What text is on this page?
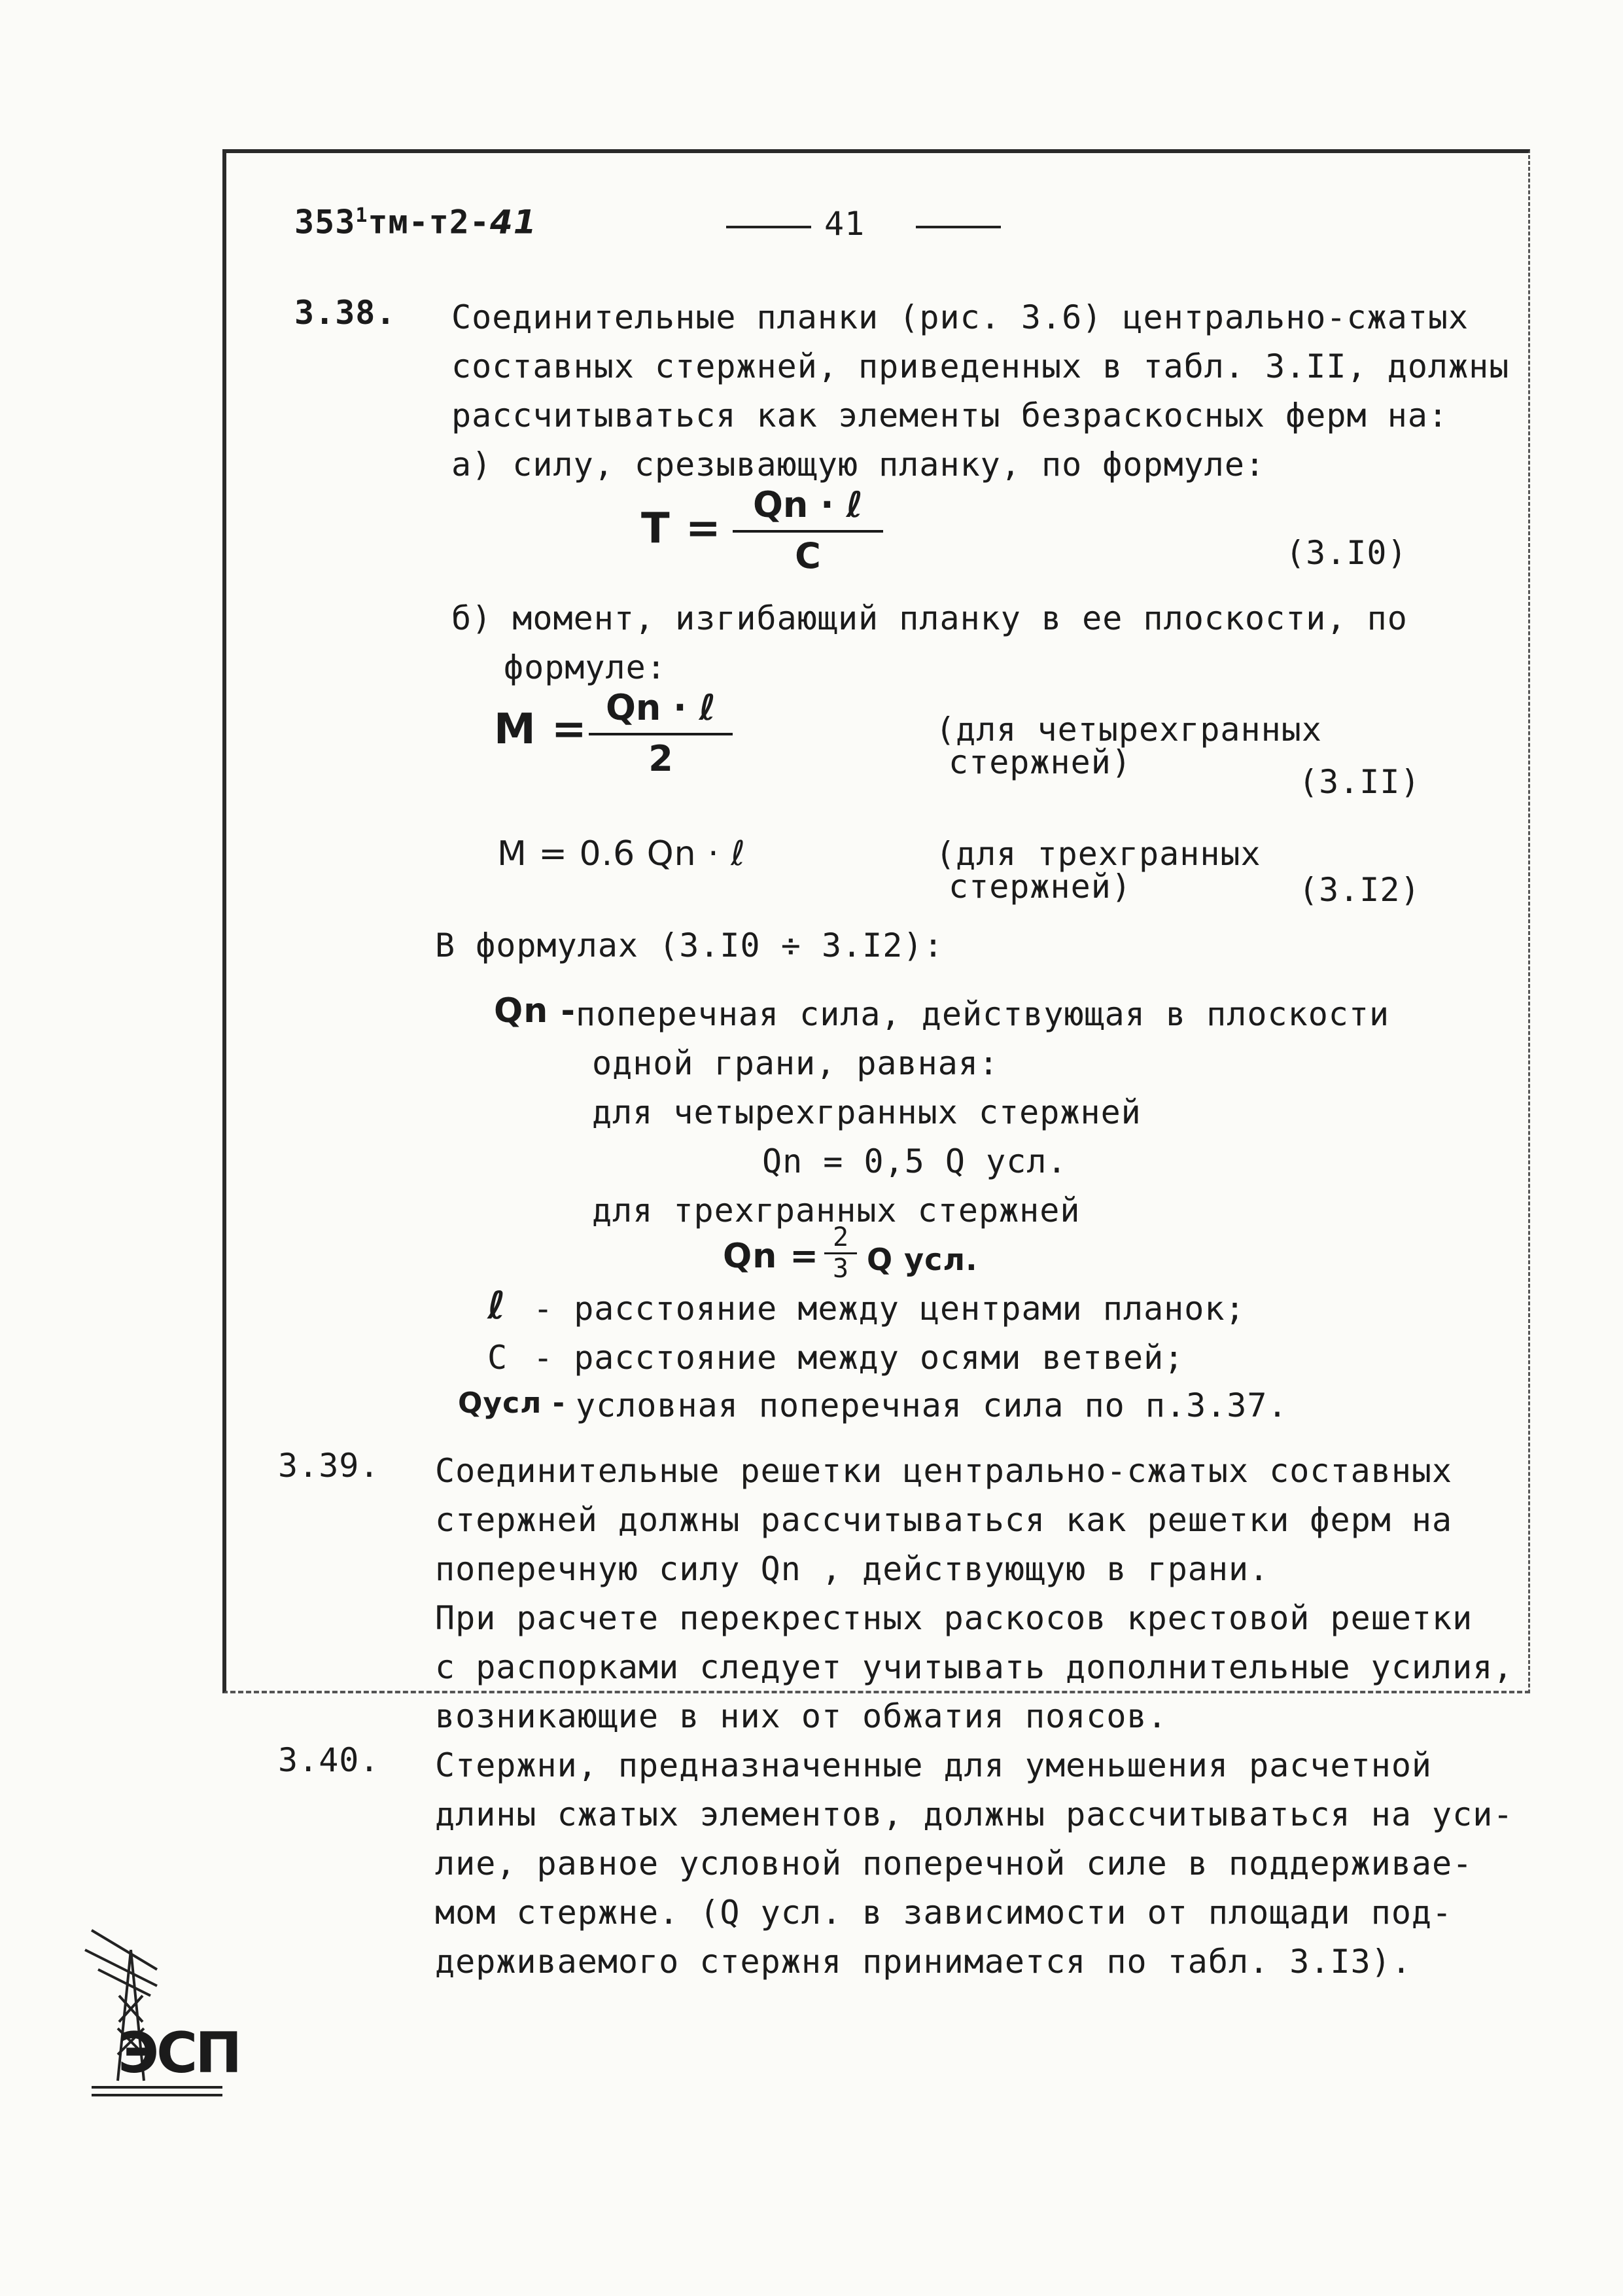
$353^1тм-т2-41$	41
3.38. Соединительные планки (рис. 3.6) центрально-сжатых
составных стержней, приведенных в табл. 3.II, должны
рассчитываться как элементы безраскосных ферм на:
а) силу, срезывающую планку, по формуле:
T = Qn · ℓ
C	(3.I0)
б) момент, изгибающий планку в ее плоскости, по
формуле:
M = Qn · ℓ
2
(для четырехгранных
стержней)
(3.II)
M = 0.6 Qn · ℓ	(для трехгранных
стержней)	(3.I2)
В формулах (3.I0 ÷ 3.I2):
Qn - поперечная сила, действующая в плоскости
одной грани, равная:
для четырехгранных стержней
Qn = 0,5 Q усл.
для трехгранных стержней
Qn = 2
3 Q усл.
ℓ - расстояние между центрами планок;
C - расстояние между осями ветвей;
Qусл - условная поперечная сила по п.3.37.
3.39. Соединительные решетки центрально-сжатых составных
стержней должны рассчитываться как решетки ферм на
поперечную силу Qn , действующую в грани.
При расчете перекрестных раскосов крестовой решетки
с распорками следует учитывать дополнительные усилия,
возникающие в них от обжатия поясов.
3.40. Стержни, предназначенные для уменьшения расчетной
длины сжатых элементов, должны рассчитываться на уси-
лие, равное условной поперечной силе в поддерживае-
мом стержне. (Q усл. в зависимости от площади под-
держиваемого стержня принимается по табл. 3.I3).
ЭСП
